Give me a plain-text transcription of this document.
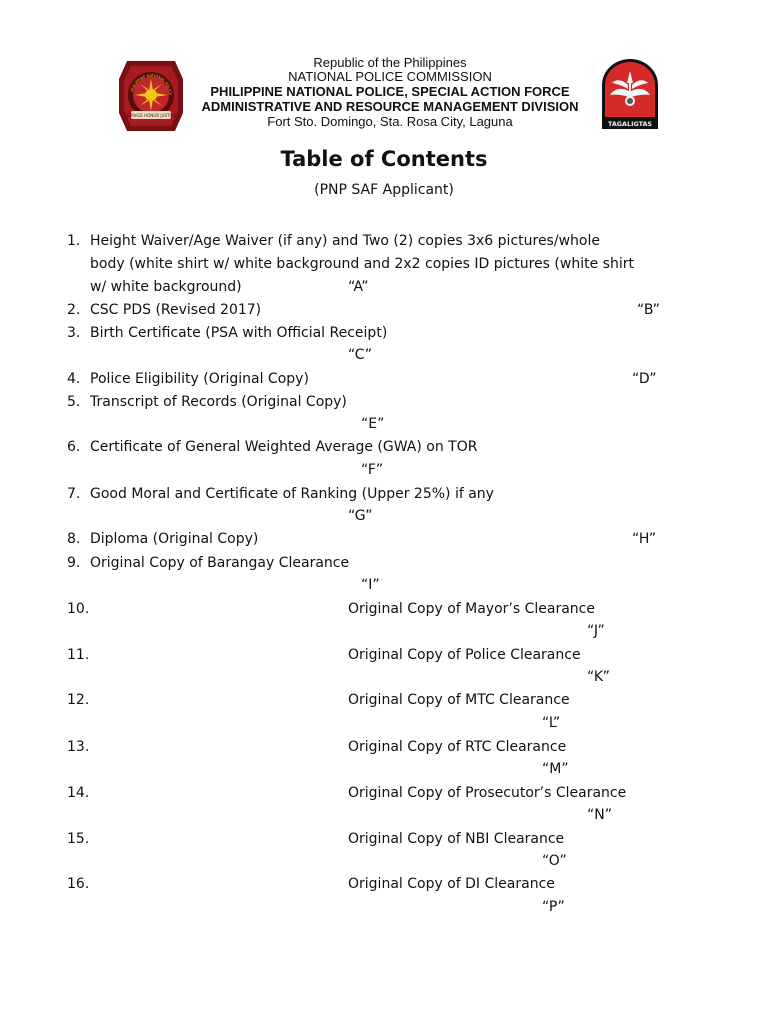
SERVICE HONOR JUSTICE
PHILIPPINE NATIONAL POLICE
Republic of the Philippines
NATIONAL POLICE COMMISSION
PHILIPPINE NATIONAL POLICE, SPECIAL ACTION FORCE
ADMINISTRATIVE AND RESOURCE MANAGEMENT DIVISION
Fort Sto. Domingo, Sta. Rosa City, Laguna	TAGALIGTAS
Table of Contents
(PNP SAF Applicant)
1. Height Waiver/Age Waiver (if any) and Two (2) copies 3x6 pictures/whole
body (white shirt w/ white background and 2x2 copies ID pictures (white shirt
w/ white background)	“A”
2. CSC PDS (Revised 2017)	“B”
3. Birth Certificate (PSA with Official Receipt)
“C”
4. Police Eligibility (Original Copy)	“D”
5. Transcript of Records (Original Copy)
“E”
6. Certificate of General Weighted Average (GWA) on TOR
“F”
7. Good Moral and Certificate of Ranking (Upper 25%) if any
“G”
8. Diploma (Original Copy)	“H”
9. Original Copy of Barangay Clearance
“I”
10.	Original Copy of Mayor’s Clearance
“J”
11.	Original Copy of Police Clearance
“K”
12.	Original Copy of MTC Clearance
“L”
13.	Original Copy of RTC Clearance
“M”
14.	Original Copy of Prosecutor’s Clearance
“N”
15.	Original Copy of NBI Clearance
“O”
16.	Original Copy of DI Clearance
“P”
